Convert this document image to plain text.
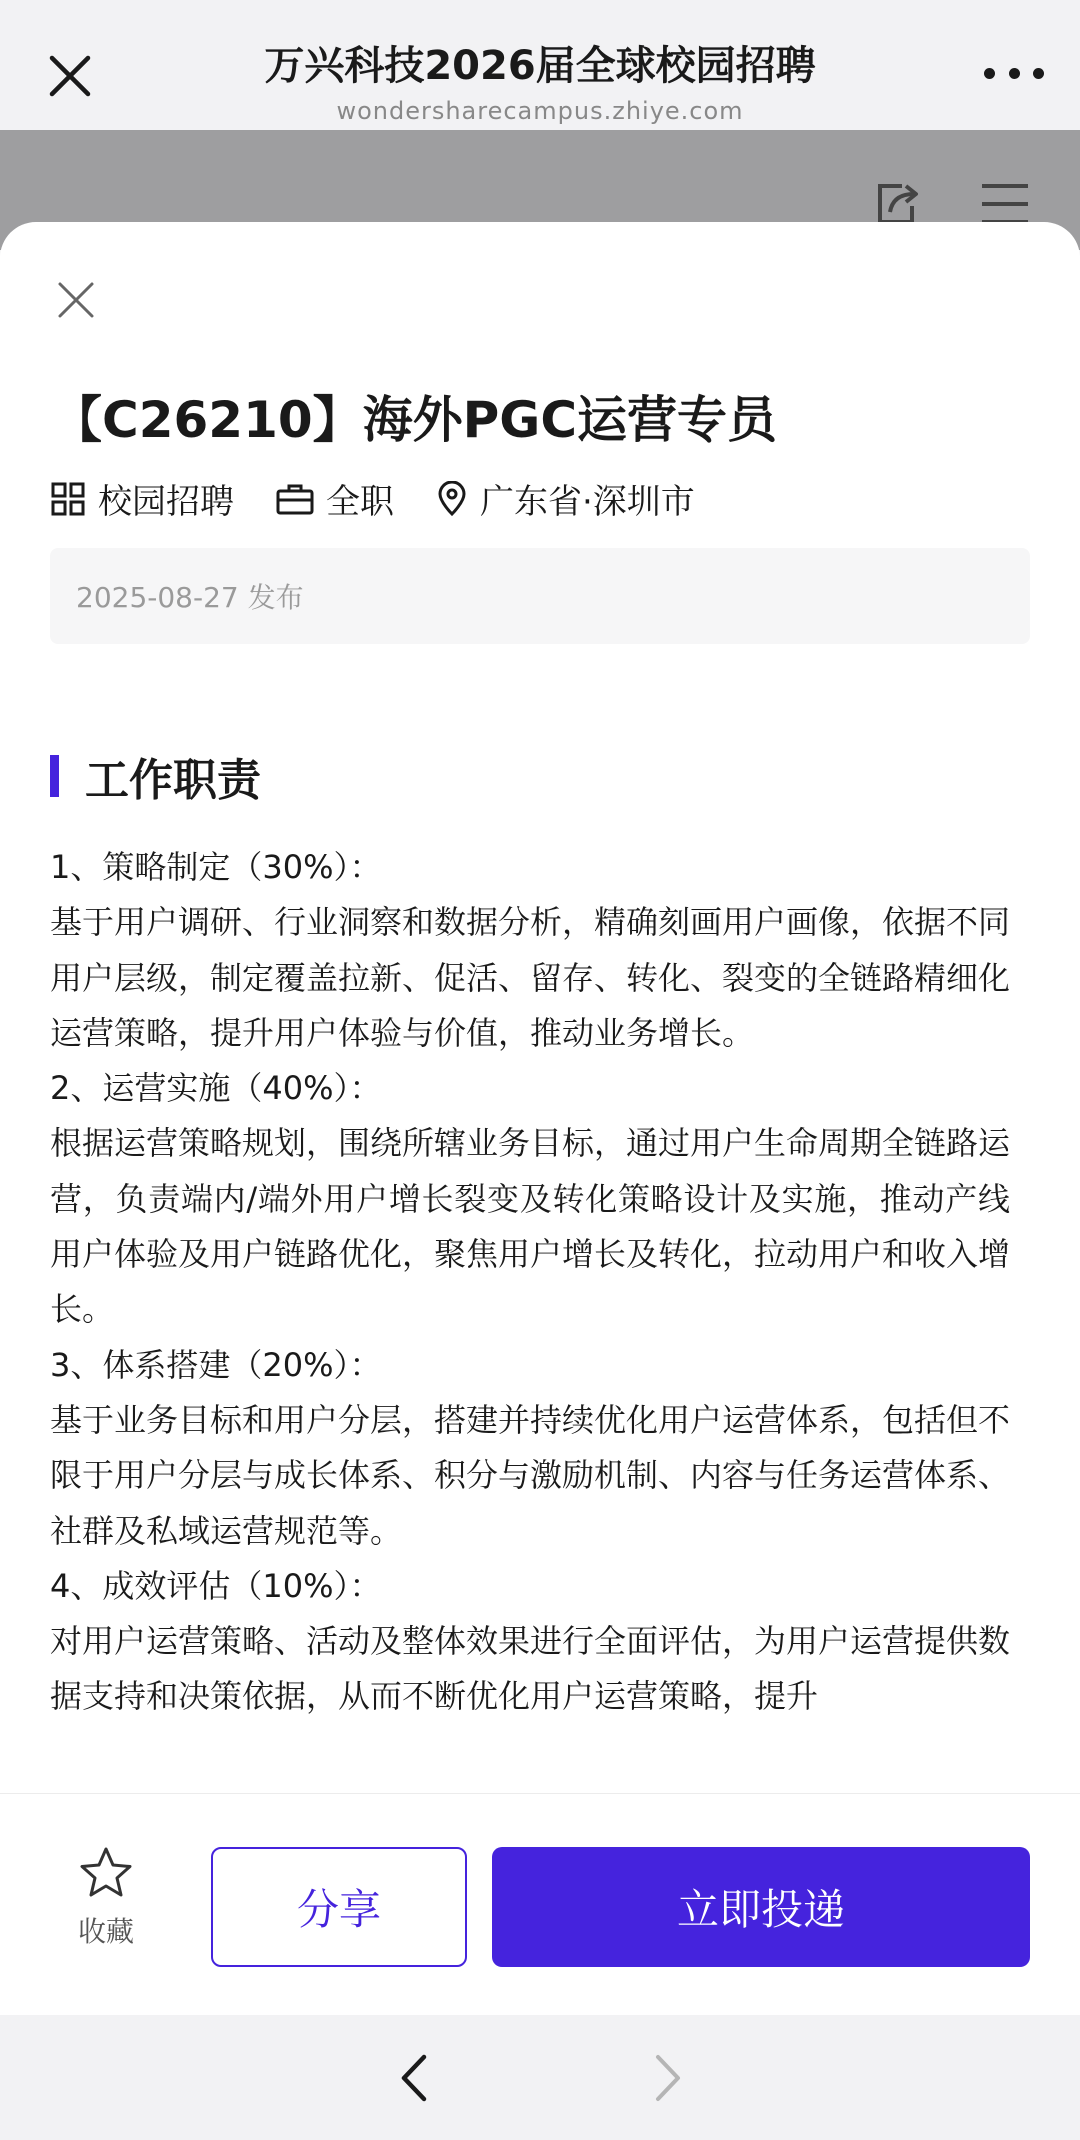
万兴科技2026届全球校园招聘
wondersharecampus.zhiye.com
【C26210】海外PGC运营专员
校园招聘	全职	广东省·深圳市
2025-08-27 发布
工作职责

1、策略制定（30%）：

基于用户调研、行业洞察和数据分析，精确刻画用户画像，依据不同用户层级，制定覆盖拉新、促活、留存、转化、裂变的全链路精细化运营策略，提升用户体验与价值，推动业务增长。

2、运营实施（40%）：

根据运营策略规划，围绕所辖业务目标，通过用户生命周期全链路运营，负责端内/端外用户增长裂变及转化策略设计及实施，推动产线用户体验及用户链路优化，聚焦用户增长及转化，拉动用户和收入增长。

3、体系搭建（20%）：

基于业务目标和用户分层，搭建并持续优化用户运营体系，包括但不限于用户分层与成长体系、积分与激励机制、内容与任务运营体系、社群及私域运营规范等。

4、成效评估（10%）：

对用户运营策略、活动及整体效果进行全面评估，为用户运营提供数据支持和决策依据，从而不断优化用户运营策略，提升

收藏	分享	立即投递
